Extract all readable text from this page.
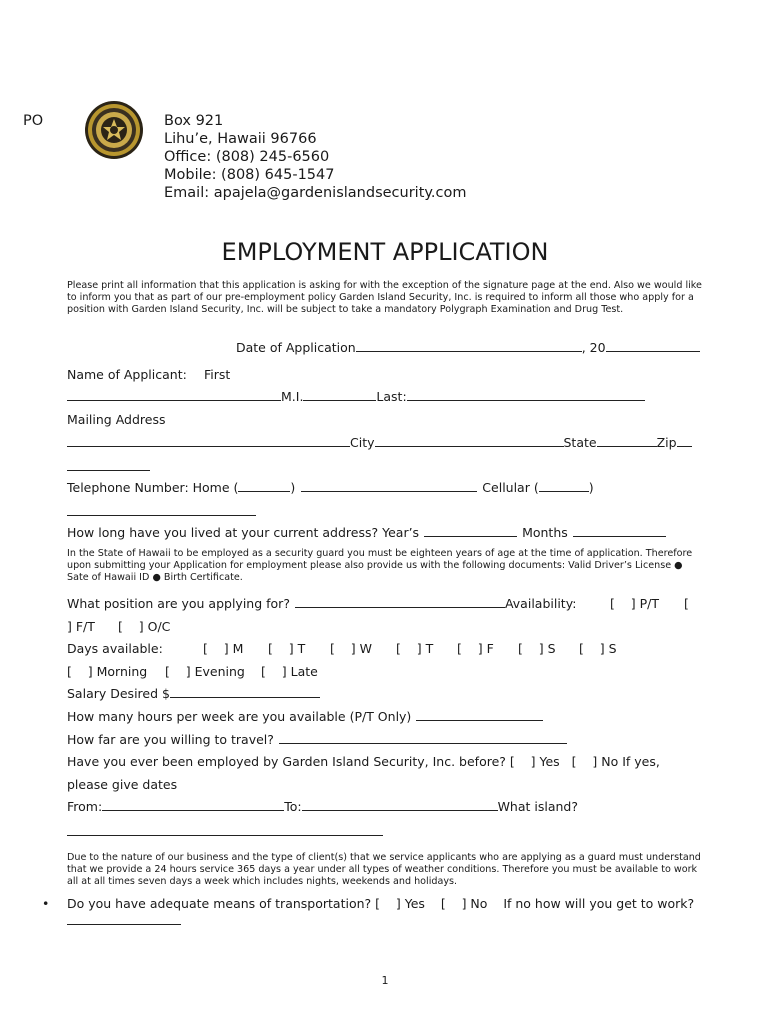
PO	Box 921
Lihu’e, Hawaii 96766
Office: (808) 245-6560
Mobile: (808) 645-1547
Email: apajela@gardenislandsecurity.com
EMPLOYMENT APPLICATION
Please print all information that this application is asking for with the exception of the signature page at the end. Also we would like to inform you that as part of our pre-employment policy Garden Island Security, Inc. is required to inform all those who apply for a position with Garden Island Security, Inc. will be subject to take a mandatory Polygraph Examination and Drug Test.
Date of Application	, 20
Name of Applicant: First
M.I.	Last:
Mailing Address
City	State	Zip
Telephone Number: Home (	)	Cellular (	)
How long have you lived at your current address? Year’s	Months
In the State of Hawaii to be employed as a security guard you must be eighteen years of age at the time of application. Therefore upon submitting your Application for employment please also provide us with the following documents: Valid Driver’s License ● Sate of Hawaii ID ● Birth Certificate.
What position are you applying for?	Availability:	[    ] P/T [
] F/T [    ] O/C
Days available:	[    ] M [    ] T [    ] W [    ] T [    ] F [    ] S [    ] S
[    ] Morning [    ] Evening [    ] Late
Salary Desired $
How many hours per week are you available (P/T Only)
How far are you willing to travel?
Have you ever been employed by Garden Island Security, Inc. before? [    ] Yes   [    ] No If yes,
please give dates
From:	To:	What island?
Due to the nature of our business and the type of client(s) that we service applicants who are applying as a guard must understand that we provide a 24 hours service 365 days a year under all types of weather conditions. Therefore you must be available to work all at all times seven days a week which includes nights, weekends and holidays.
• Do you have adequate means of transportation? [    ] Yes    [    ] No    If no how will you get to work?
1
